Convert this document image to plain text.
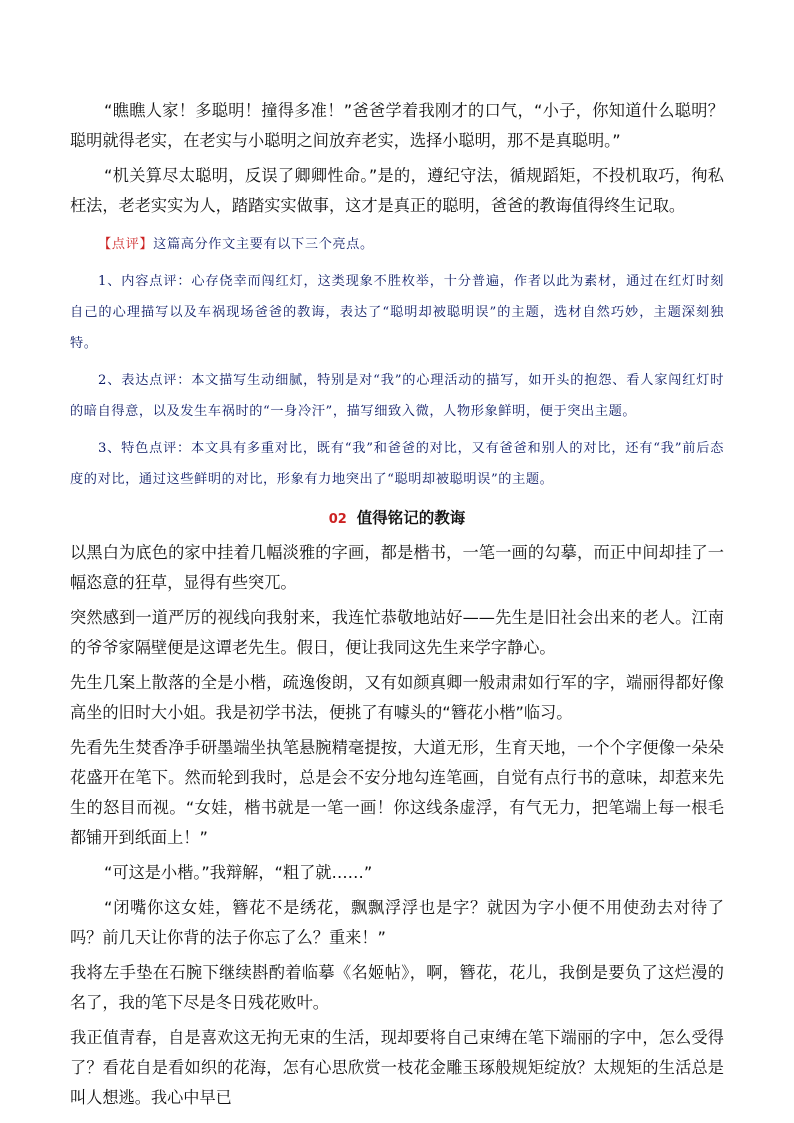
“瞧瞧人家！多聪明！撞得多准！”爸爸学着我刚才的口气，“小子，你知道什么聪明？聪明就得老实，在老实与小聪明之间放弃老实，选择小聪明，那不是真聪明。”

“机关算尽太聪明，反误了卿卿性命。”是的，遵纪守法，循规蹈矩，不投机取巧，徇私枉法，老老实实为人，踏踏实实做事，这才是真正的聪明，爸爸的教诲值得终生记取。

【点评】这篇高分作文主要有以下三个亮点。

1、内容点评：心存侥幸而闯红灯，这类现象不胜枚举，十分普遍，作者以此为素材，通过在红灯时刻自己的心理描写以及车祸现场爸爸的教诲，表达了“聪明却被聪明误”的主题，选材自然巧妙，主题深刻独特。

2、表达点评：本文描写生动细腻，特别是对“我”的心理活动的描写，如开头的抱怨、看人家闯红灯时的暗自得意，以及发生车祸时的“一身冷汗”，描写细致入微，人物形象鲜明，便于突出主题。

3、特色点评：本文具有多重对比，既有“我”和爸爸的对比，又有爸爸和别人的对比，还有“我”前后态度的对比，通过这些鲜明的对比，形象有力地突出了“聪明却被聪明误”的主题。

02 值得铭记的教诲

以黑白为底色的家中挂着几幅淡雅的字画，都是楷书，一笔一画的勾摹，而正中间却挂了一幅恣意的狂草，显得有些突兀。

突然感到一道严厉的视线向我射来，我连忙恭敬地站好——先生是旧社会出来的老人。江南的爷爷家隔壁便是这谭老先生。假日，便让我同这先生来学字静心。

先生几案上散落的全是小楷，疏逸俊朗，又有如颜真卿一般肃肃如行军的字，端丽得都好像高坐的旧时大小姐。我是初学书法，便挑了有噱头的“簪花小楷”临习。

先看先生焚香净手研墨端坐执笔悬腕精毫提按，大道无形，生育天地，一个个字便像一朵朵花盛开在笔下。然而轮到我时，总是会不安分地勾连笔画，自觉有点行书的意味，却惹来先生的怒目而视。“女娃，楷书就是一笔一画！你这线条虚浮，有气无力，把笔端上每一根毛都铺开到纸面上！”

“可这是小楷。”我辩解，“粗了就……”

“闭嘴你这女娃，簪花不是绣花，飘飘浮浮也是字？就因为字小便不用使劲去对待了吗？前几天让你背的法子你忘了么？重来！”

我将左手垫在石腕下继续斟酌着临摹《名姬帖》，啊，簪花，花儿，我倒是要负了这烂漫的名了，我的笔下尽是冬日残花败叶。

我正值青春，自是喜欢这无拘无束的生活，现却要将自己束缚在笔下端丽的字中，怎么受得了？看花自是看如织的花海，怎有心思欣赏一枝花金雕玉琢般规矩绽放？太规矩的生活总是叫人想逃。我心中早已
